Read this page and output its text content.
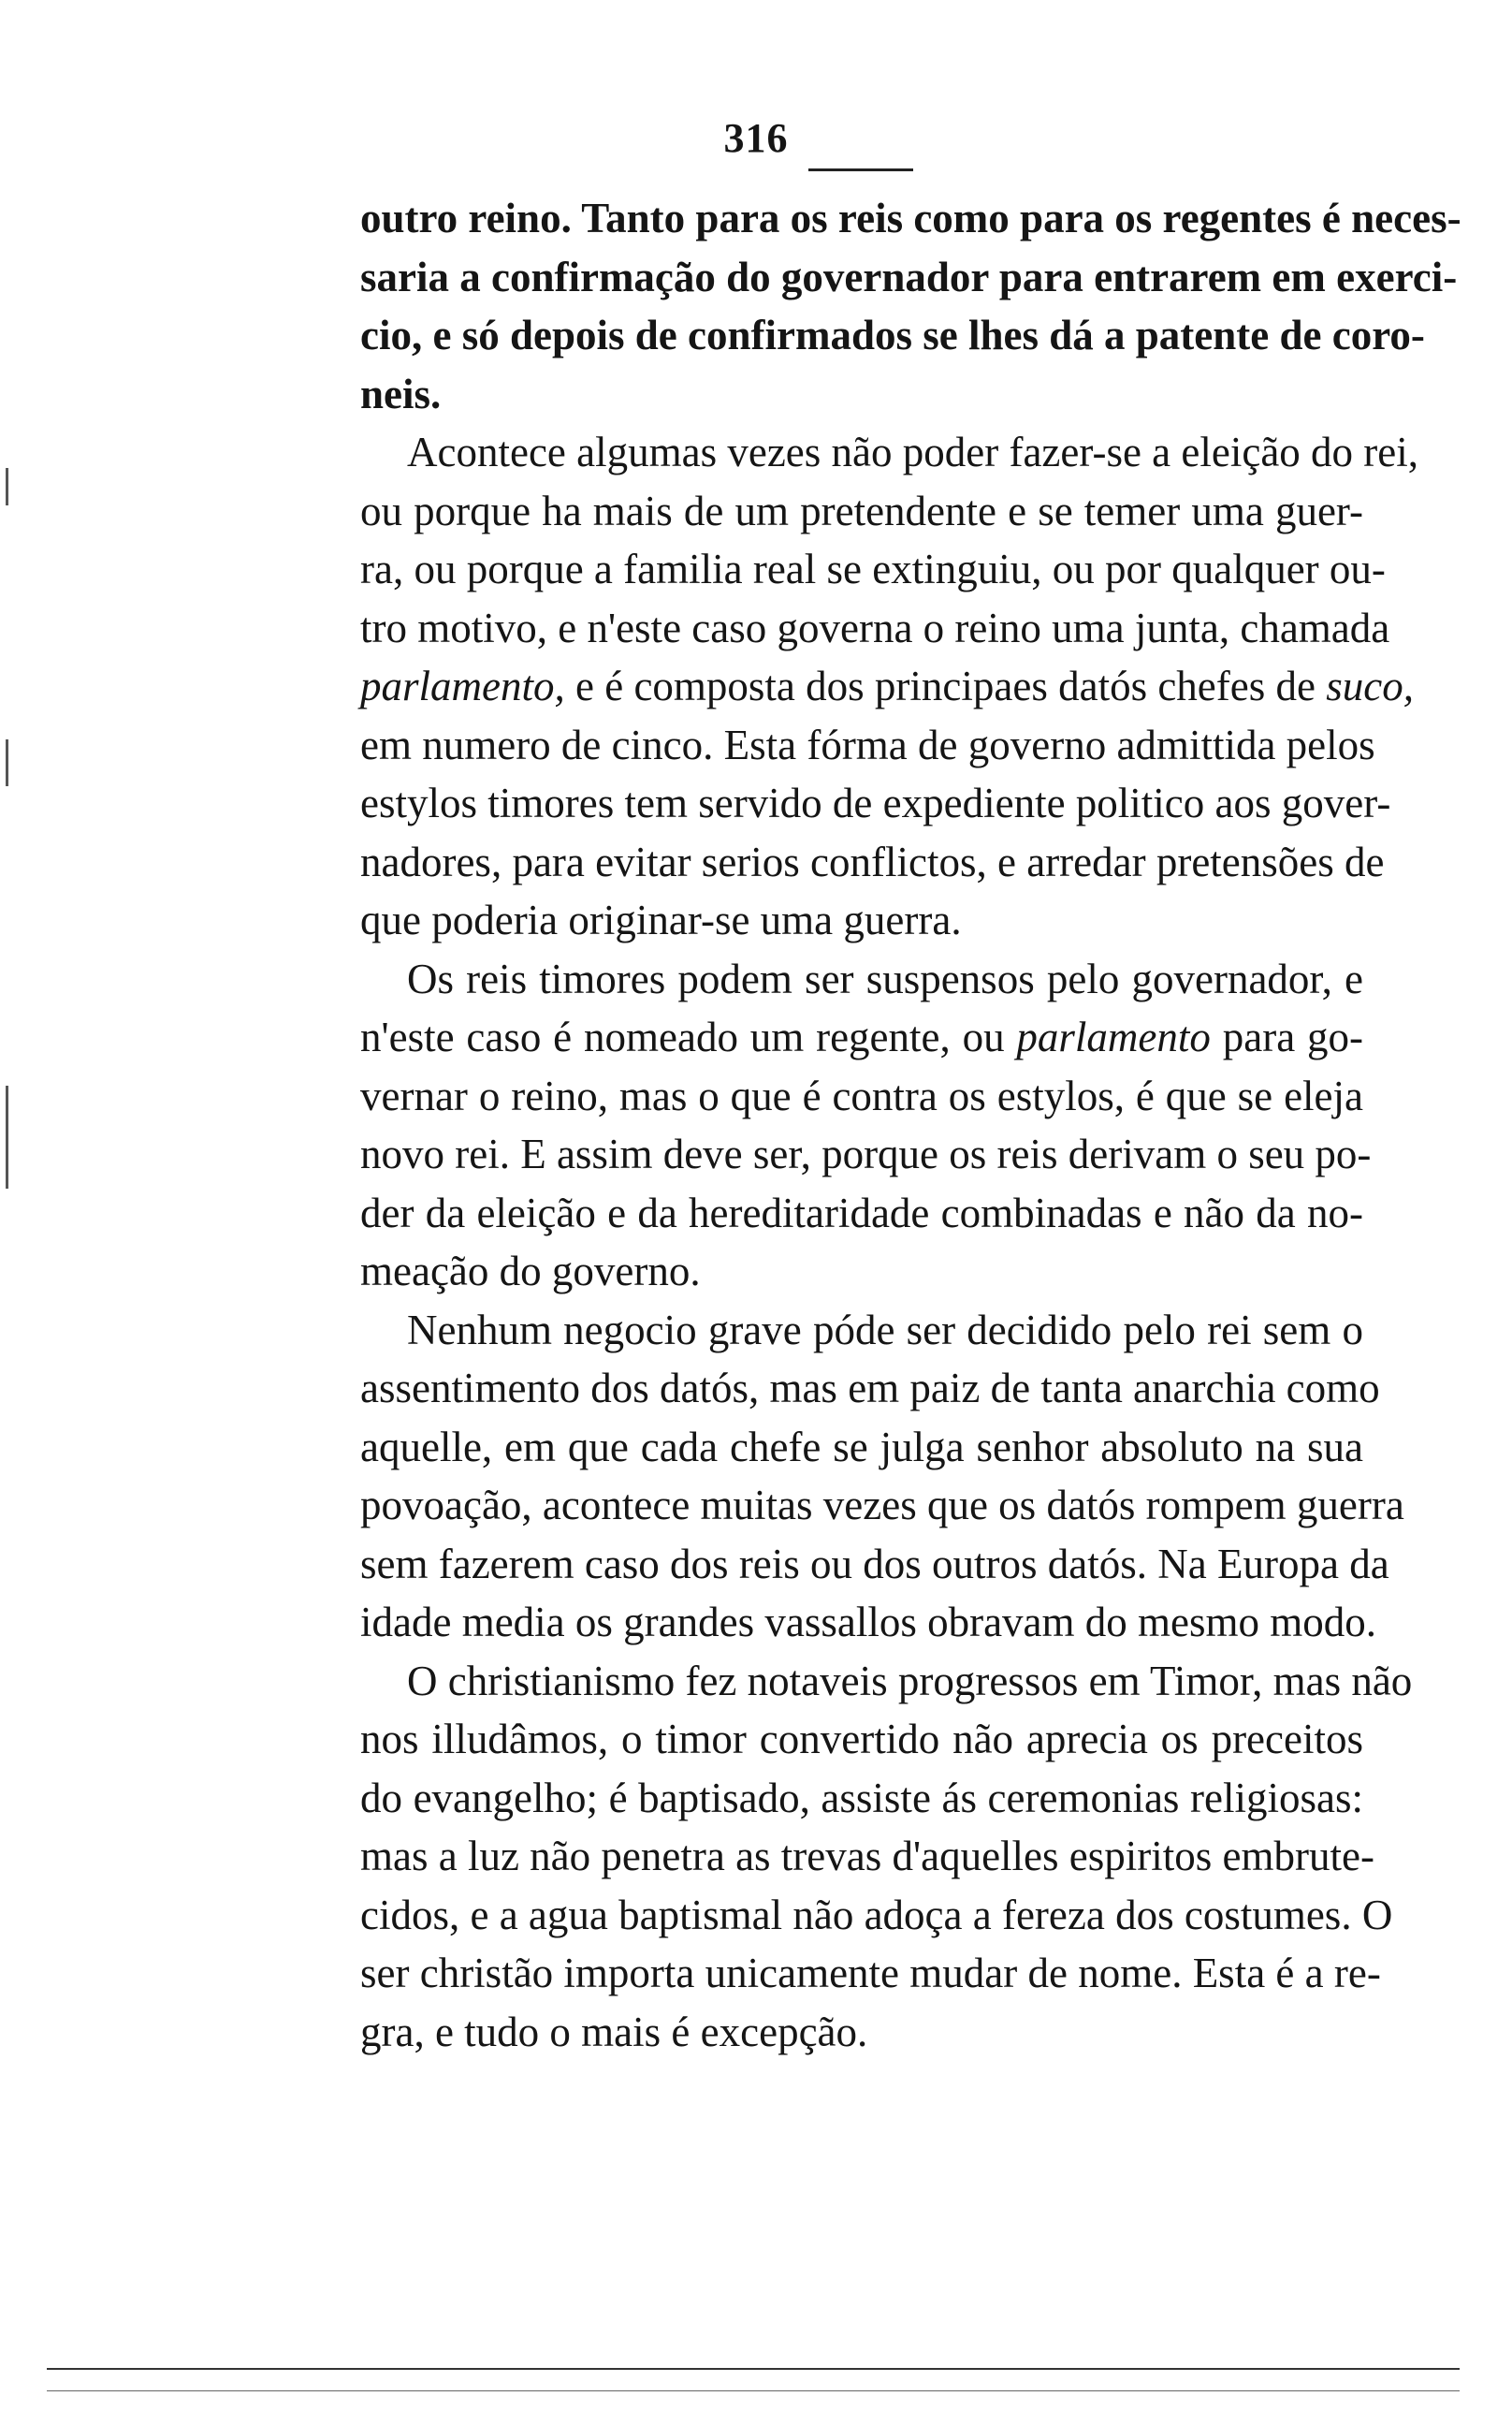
316
outro reino. Tanto para os reis como para os regentes é neces-
saria a confirmação do governador para entrarem em exerci-
cio, e só depois de confirmados se lhes dá a patente de coro-
neis.
Acontece algumas vezes não poder fazer-se a eleição do rei,
ou porque ha mais de um pretendente e se temer uma guer-
ra, ou porque a familia real se extinguiu, ou por qualquer ou-
tro motivo, e n'este caso governa o reino uma junta, chamada
parlamento, e é composta dos principaes datós chefes de suco,
em numero de cinco. Esta fórma de governo admittida pelos
estylos timores tem servido de expediente politico aos gover-
nadores, para evitar serios conflictos, e arredar pretensões de
que poderia originar-se uma guerra.
Os reis timores podem ser suspensos pelo governador, e
n'este caso é nomeado um regente, ou parlamento para go-
vernar o reino, mas o que é contra os estylos, é que se eleja
novo rei. E assim deve ser, porque os reis derivam o seu po-
der da eleição e da hereditaridade combinadas e não da no-
meação do governo.
Nenhum negocio grave póde ser decidido pelo rei sem o
assentimento dos datós, mas em paiz de tanta anarchia como
aquelle, em que cada chefe se julga senhor absoluto na sua
povoação, acontece muitas vezes que os datós rompem guerra
sem fazerem caso dos reis ou dos outros datós. Na Europa da
idade media os grandes vassallos obravam do mesmo modo.
O christianismo fez notaveis progressos em Timor, mas não
nos illudâmos, o timor convertido não aprecia os preceitos
do evangelho; é baptisado, assiste ás ceremonias religiosas:
mas a luz não penetra as trevas d'aquelles espiritos embrute-
cidos, e a agua baptismal não adoça a fereza dos costumes. O
ser christão importa unicamente mudar de nome. Esta é a re-
gra, e tudo o mais é excepção.
